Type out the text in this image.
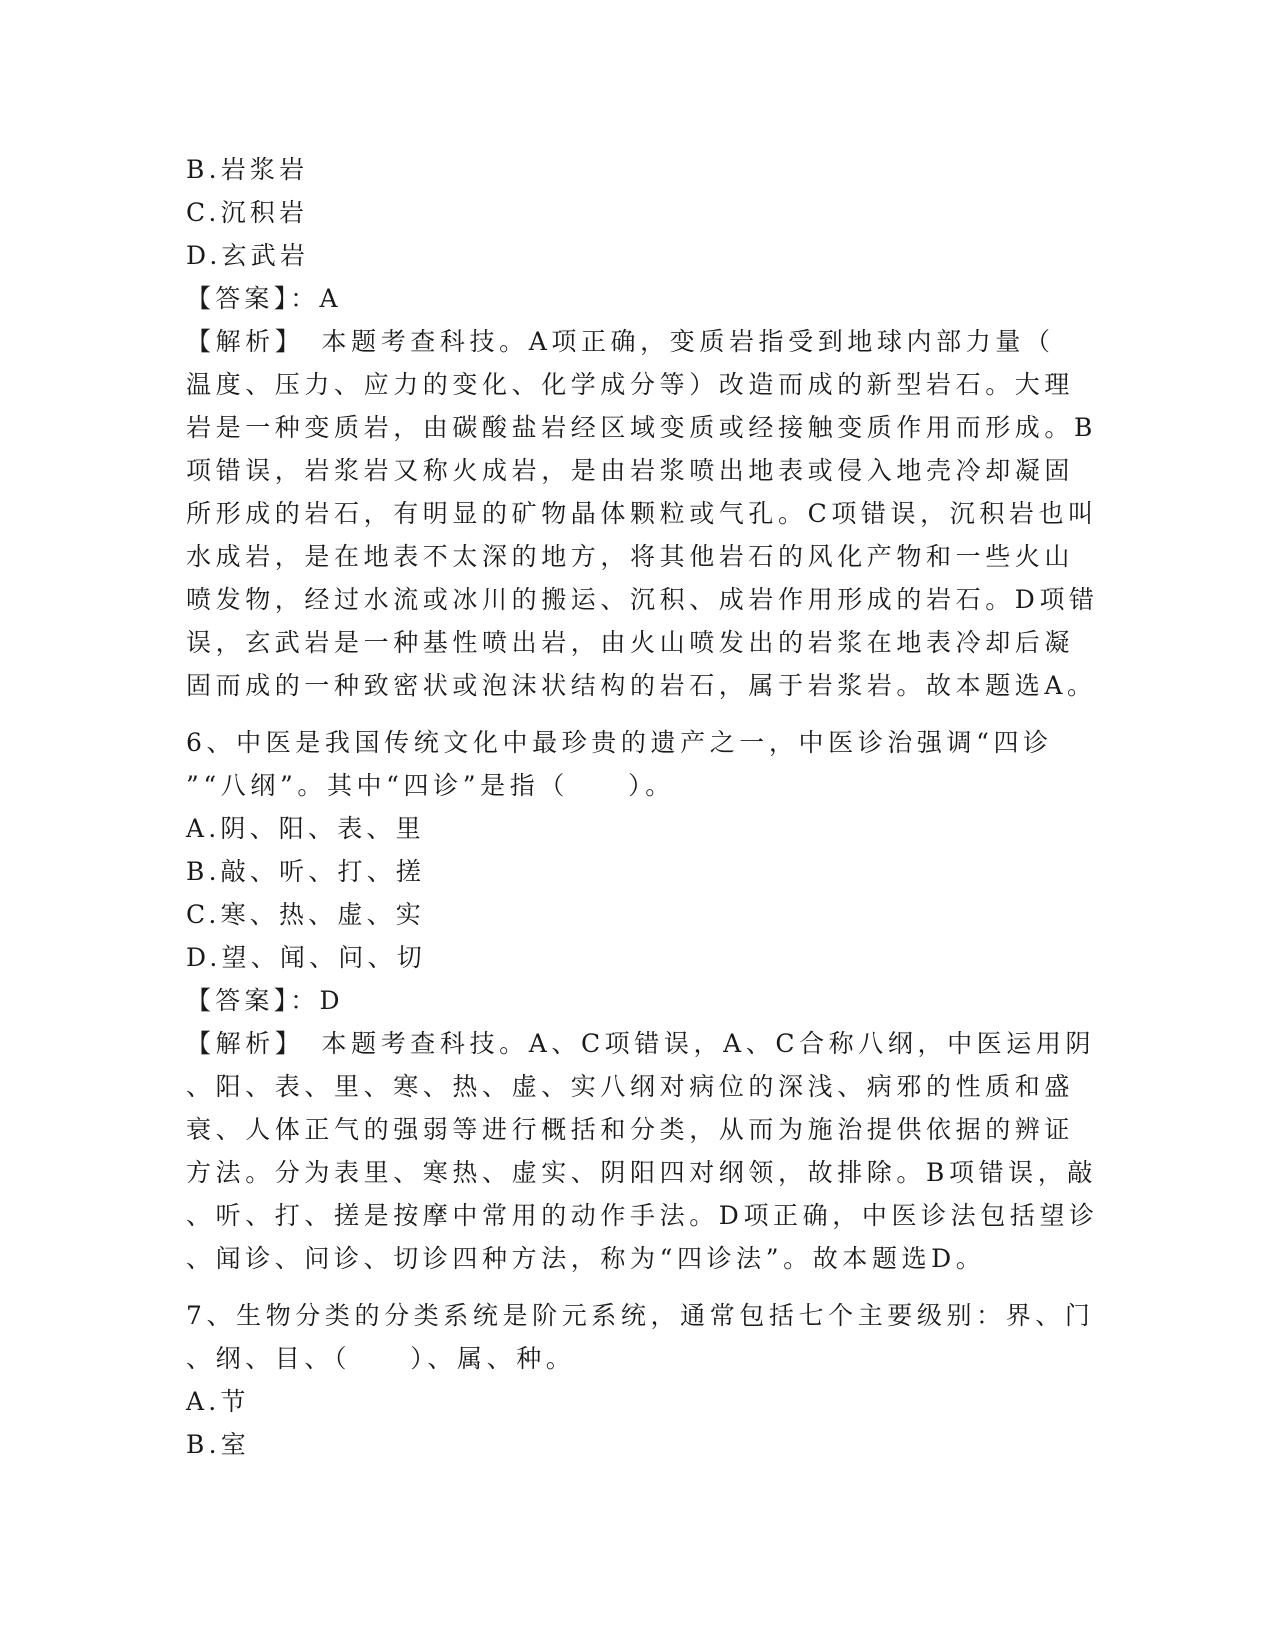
B.岩浆岩
C.沉积岩
D.玄武岩
【答案】：A
【解析】　本题考查科技。A项正确，变质岩指受到地球内部力量（
温度、压力、应力的变化、化学成分等）改造而成的新型岩石。大理
岩是一种变质岩，由碳酸盐岩经区域变质或经接触变质作用而形成。B
项错误，岩浆岩又称火成岩，是由岩浆喷出地表或侵入地壳冷却凝固
所形成的岩石，有明显的矿物晶体颗粒或气孔。C项错误，沉积岩也叫
水成岩，是在地表不太深的地方，将其他岩石的风化产物和一些火山
喷发物，经过水流或冰川的搬运、沉积、成岩作用形成的岩石。D项错
误，玄武岩是一种基性喷出岩，由火山喷发出的岩浆在地表冷却后凝
固而成的一种致密状或泡沫状结构的岩石，属于岩浆岩。故本题选A。
6、中医是我国传统文化中最珍贵的遗产之一，中医诊治强调“四诊
”“八纲”。其中“四诊”是指（　　）。
A.阴、阳、表、里
B.敲、听、打、搓
C.寒、热、虚、实
D.望、闻、问、切
【答案】：D
【解析】　本题考查科技。A、C项错误，A、C合称八纲，中医运用阴
、阳、表、里、寒、热、虚、实八纲对病位的深浅、病邪的性质和盛
衰、人体正气的强弱等进行概括和分类，从而为施治提供依据的辨证
方法。分为表里、寒热、虚实、阴阳四对纲领，故排除。B项错误，敲
、听、打、搓是按摩中常用的动作手法。D项正确，中医诊法包括望诊
、闻诊、问诊、切诊四种方法，称为“四诊法”。故本题选D。
7、生物分类的分类系统是阶元系统，通常包括七个主要级别：界、门
、纲、目、（　　）、属、种。
A.节
B.室
